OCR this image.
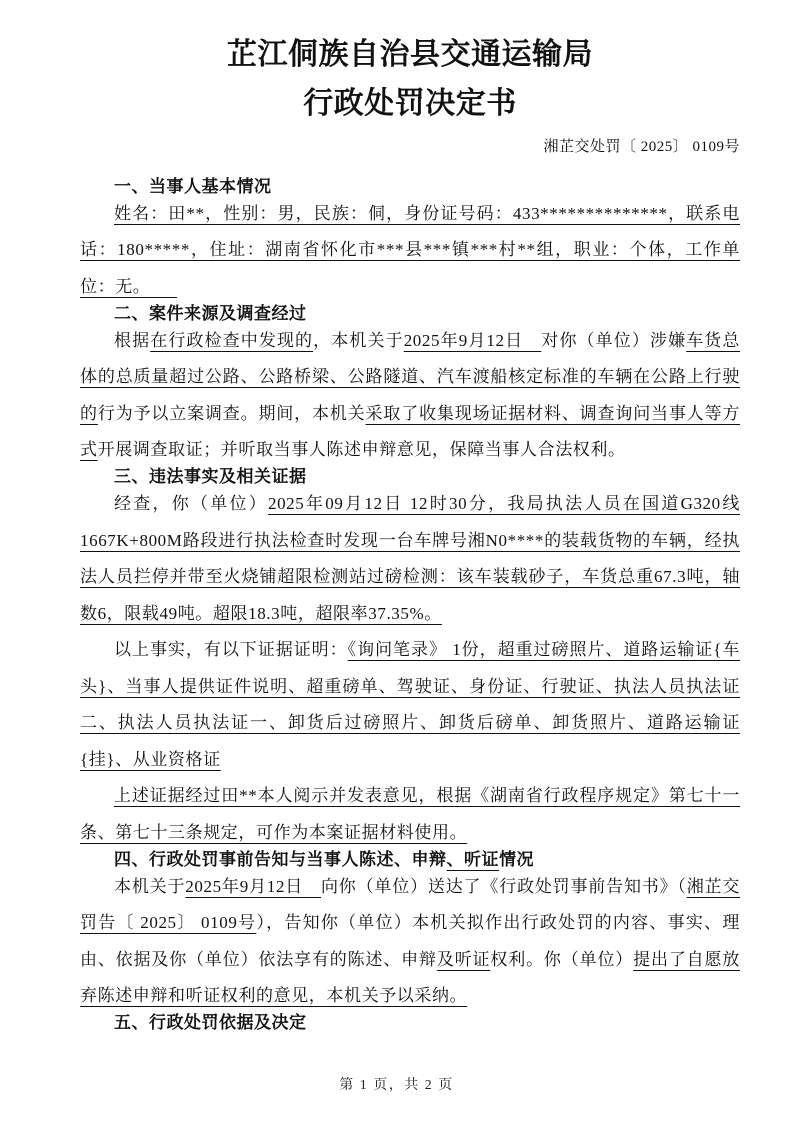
芷江侗族自治县交通运输局
行政处罚决定书
湘芷交处罚〔 2025〕 0109号
一、当事人基本情况
姓名：田**，性别：男，民族：侗，身份证号码：433**************，联系电话：180*****，住址：湖南省怀化市***县***镇***村**组，职业：个体，工作单位：无。　　
二、案件来源及调查经过
根据在行政检查中发现的，本机关于2025年9月12日　对你（单位）涉嫌车货总体的总质量超过公路、公路桥梁、公路隧道、汽车渡船核定标准的车辆在公路上行驶的行为予以立案调查。期间，本机关采取了收集现场证据材料、调查询问当事人等方式开展调查取证；并听取当事人陈述申辩意见，保障当事人合法权利。
三、违法事实及相关证据
经查，你（单位）2025年09月12日 12时30分，我局执法人员在国道G320线1667K+800M路段进行执法检查时发现一台车牌号湘N0****的装载货物的车辆，经执法人员拦停并带至火烧铺超限检测站过磅检测：该车装载砂子，车货总重67.3吨，轴数6，限载49吨。超限18.3吨，超限率37.35%。
以上事实，有以下证据证明：《询问笔录》 1份，超重过磅照片、道路运输证{车头}、当事人提供证件说明、超重磅单、驾驶证、身份证、行驶证、执法人员执法证二、执法人员执法证一、卸货后过磅照片、卸货后磅单、卸货照片、道路运输证{挂}、从业资格证
上述证据经过田**本人阅示并发表意见，根据《湖南省行政程序规定》第七十一条、第七十三条规定，可作为本案证据材料使用。
四、行政处罚事前告知与当事人陈述、申辩、听证情况
本机关于2025年9月12日　向你（单位）送达了《行政处罚事前告知书》（湘芷交罚告〔 2025〕 0109号），告知你（单位）本机关拟作出行政处罚的内容、事实、理由、依据及你（单位）依法享有的陈述、申辩及听证权利。你（单位）提出了自愿放弃陈述申辩和听证权利的意见，本机关予以采纳。
五、行政处罚依据及决定
第 1 页，共 2 页
